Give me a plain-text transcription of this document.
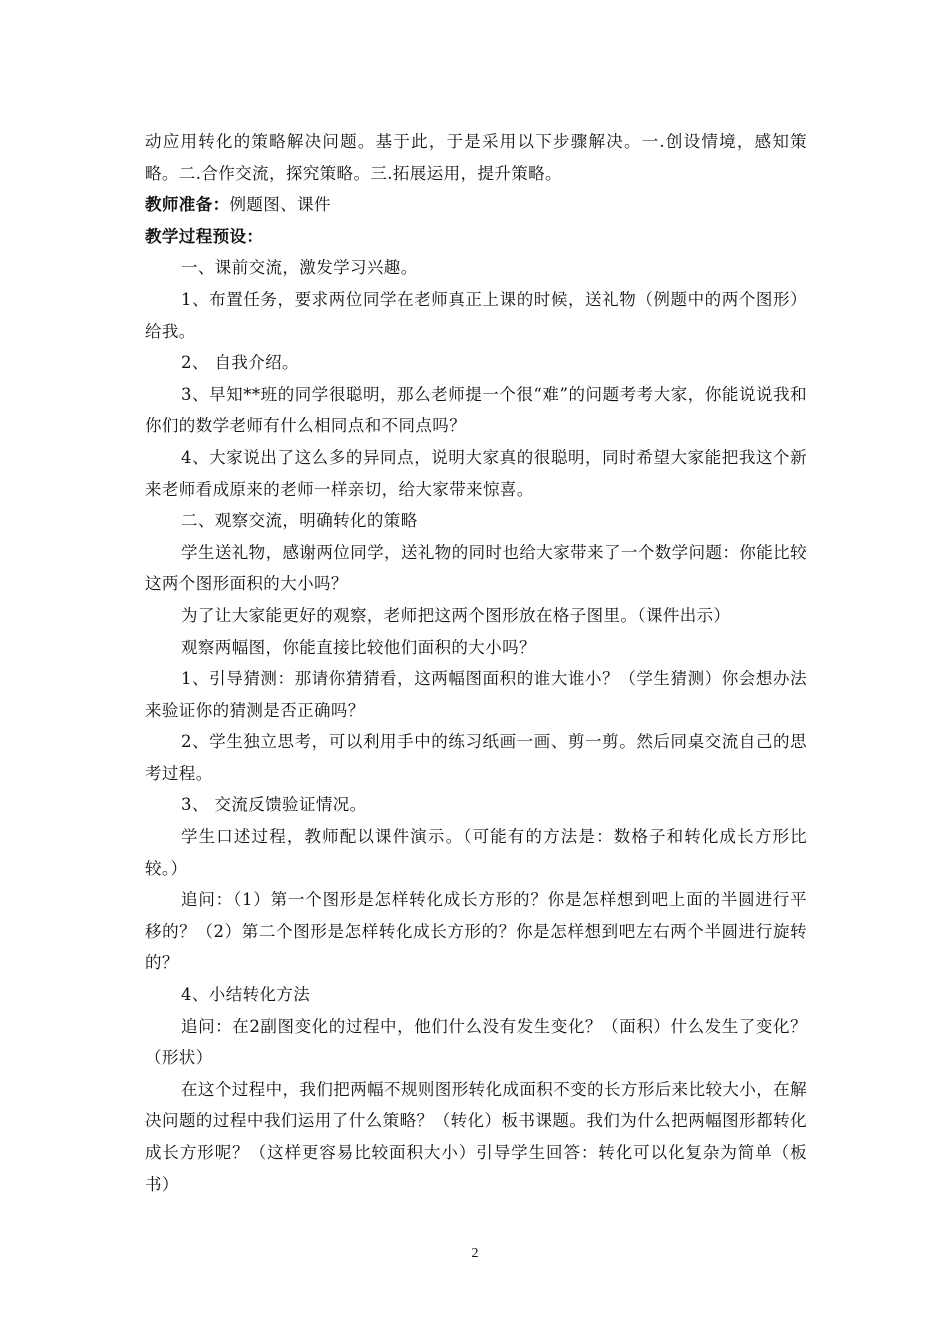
动应用转化的策略解决问题。基于此，于是采用以下步骤解决。一.创设情境，感知策略。二.合作交流，探究策略。三.拓展运用，提升策略。

教师准备：例题图、课件

教学过程预设：

一、课前交流，激发学习兴趣。

1、布置任务，要求两位同学在老师真正上课的时候，送礼物（例题中的两个图形）给我。

2、 自我介绍。

3、早知**班的同学很聪明，那么老师提一个很“难”的问题考考大家，你能说说我和你们的数学老师有什么相同点和不同点吗？

4、大家说出了这么多的异同点，说明大家真的很聪明，同时希望大家能把我这个新来老师看成原来的老师一样亲切，给大家带来惊喜。

二、观察交流，明确转化的策略

学生送礼物，感谢两位同学，送礼物的同时也给大家带来了一个数学问题：你能比较这两个图形面积的大小吗？

为了让大家能更好的观察，老师把这两个图形放在格子图里。（课件出示）

观察两幅图，你能直接比较他们面积的大小吗？

1、引导猜测：那请你猜猜看，这两幅图面积的谁大谁小？（学生猜测）你会想办法来验证你的猜测是否正确吗？

2、学生独立思考，可以利用手中的练习纸画一画、剪一剪。然后同桌交流自己的思考过程。

3、 交流反馈验证情况。

学生口述过程，教师配以课件演示。（可能有的方法是：数格子和转化成长方形比较。）

追问：（1）第一个图形是怎样转化成长方形的？你是怎样想到吧上面的半圆进行平移的？（2）第二个图形是怎样转化成长方形的？你是怎样想到吧左右两个半圆进行旋转的？

4、小结转化方法

追问：在2副图变化的过程中，他们什么没有发生变化？（面积）什么发生了变化？（形状）

在这个过程中，我们把两幅不规则图形转化成面积不变的长方形后来比较大小，在解决问题的过程中我们运用了什么策略？（转化）板书课题。我们为什么把两幅图形都转化成长方形呢？（这样更容易比较面积大小）引导学生回答：转化可以化复杂为简单（板书）

2
